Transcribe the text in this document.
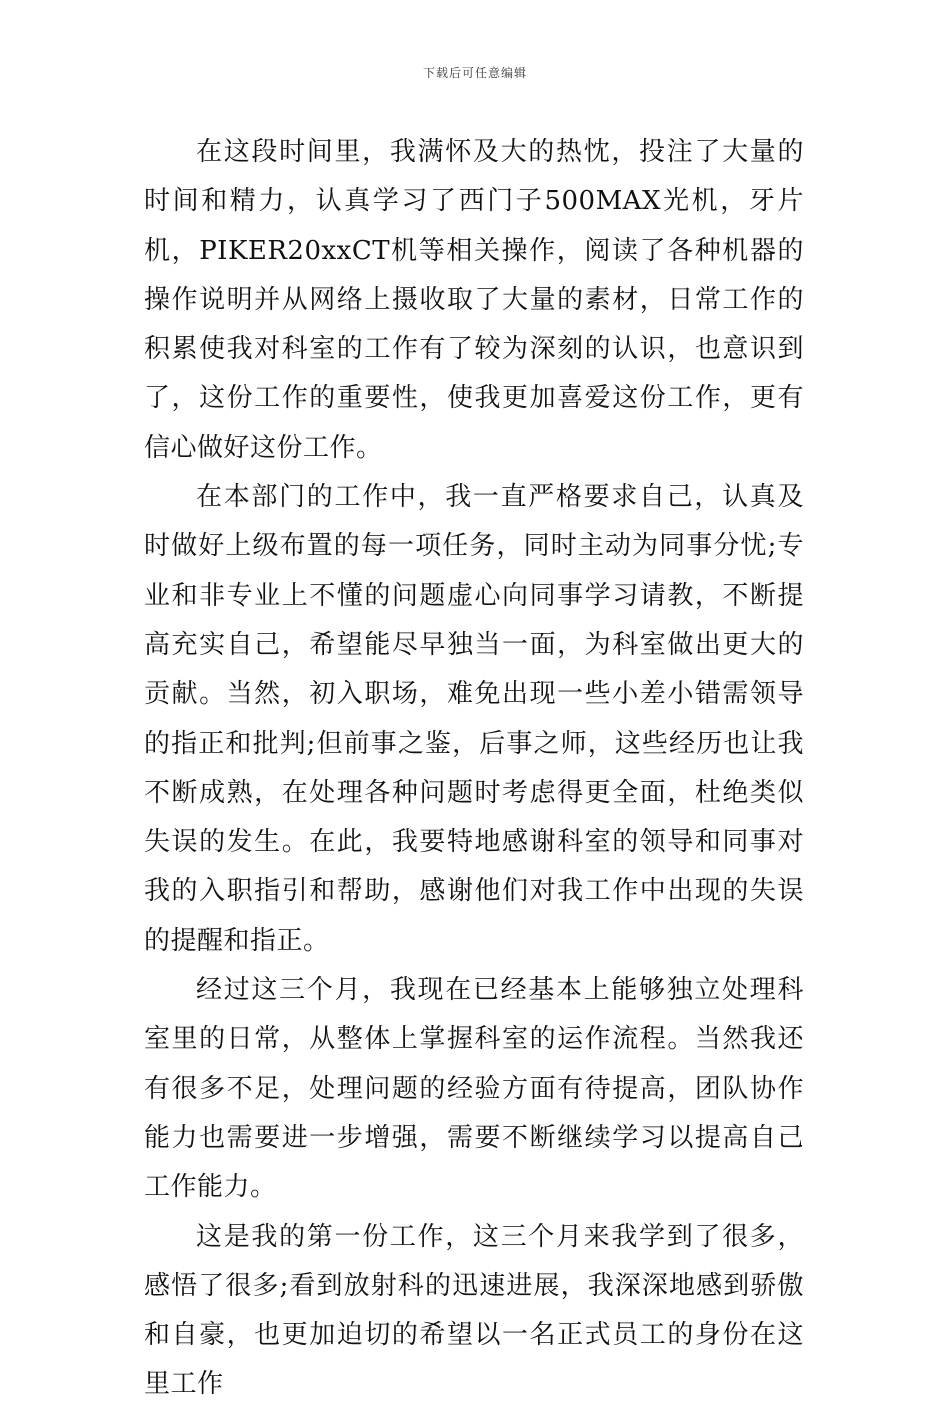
下载后可任意编辑

在这段时间里，我满怀及大的热忱，投注了大量的时间和精力，认真学习了西门子500MAX光机，牙片机，PIKER20xxCT机等相关操作，阅读了各种机器的操作说明并从网络上摄收取了大量的素材，日常工作的积累使我对科室的工作有了较为深刻的认识，也意识到了，这份工作的重要性，使我更加喜爱这份工作，更有信心做好这份工作。

在本部门的工作中，我一直严格要求自己，认真及时做好上级布置的每一项任务，同时主动为同事分忧;专业和非专业上不懂的问题虚心向同事学习请教，不断提高充实自己，希望能尽早独当一面，为科室做出更大的贡献。当然，初入职场，难免出现一些小差小错需领导的指正和批判;但前事之鉴，后事之师，这些经历也让我不断成熟，在处理各种问题时考虑得更全面，杜绝类似失误的发生。在此，我要特地感谢科室的领导和同事对我的入职指引和帮助，感谢他们对我工作中出现的失误的提醒和指正。

经过这三个月，我现在已经基本上能够独立处理科室里的日常，从整体上掌握科室的运作流程。当然我还有很多不足，处理问题的经验方面有待提高，团队协作能力也需要进一步增强，需要不断继续学习以提高自己工作能力。

这是我的第一份工作，这三个月来我学到了很多，感悟了很多;看到放射科的迅速进展，我深深地感到骄傲和自豪，也更加迫切的希望以一名正式员工的身份在这里工作
